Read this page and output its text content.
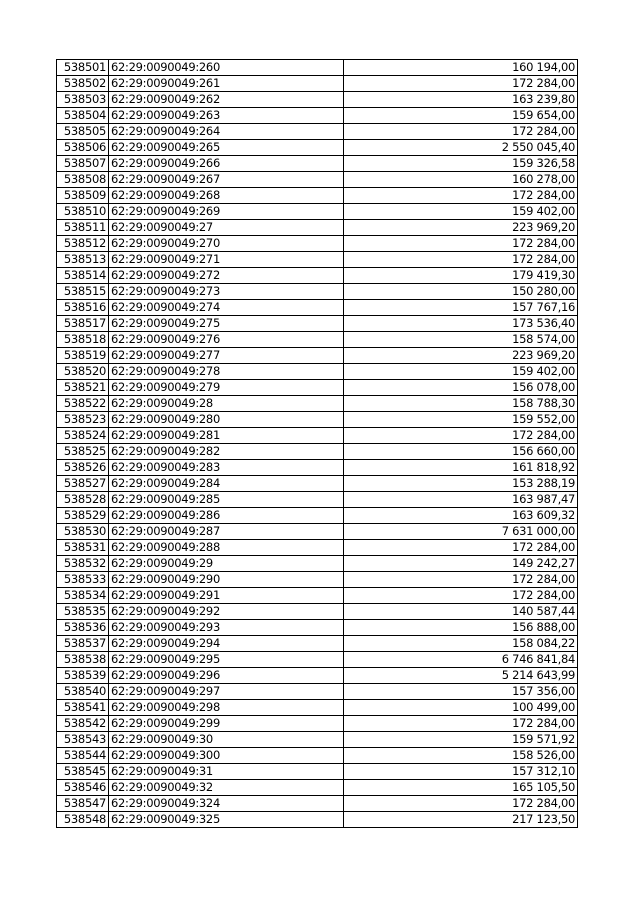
538501	62:29:0090049:260	160 194,00
538502	62:29:0090049:261	172 284,00
538503	62:29:0090049:262	163 239,80
538504	62:29:0090049:263	159 654,00
538505	62:29:0090049:264	172 284,00
538506	62:29:0090049:265	2 550 045,40
538507	62:29:0090049:266	159 326,58
538508	62:29:0090049:267	160 278,00
538509	62:29:0090049:268	172 284,00
538510	62:29:0090049:269	159 402,00
538511	62:29:0090049:27	223 969,20
538512	62:29:0090049:270	172 284,00
538513	62:29:0090049:271	172 284,00
538514	62:29:0090049:272	179 419,30
538515	62:29:0090049:273	150 280,00
538516	62:29:0090049:274	157 767,16
538517	62:29:0090049:275	173 536,40
538518	62:29:0090049:276	158 574,00
538519	62:29:0090049:277	223 969,20
538520	62:29:0090049:278	159 402,00
538521	62:29:0090049:279	156 078,00
538522	62:29:0090049:28	158 788,30
538523	62:29:0090049:280	159 552,00
538524	62:29:0090049:281	172 284,00
538525	62:29:0090049:282	156 660,00
538526	62:29:0090049:283	161 818,92
538527	62:29:0090049:284	153 288,19
538528	62:29:0090049:285	163 987,47
538529	62:29:0090049:286	163 609,32
538530	62:29:0090049:287	7 631 000,00
538531	62:29:0090049:288	172 284,00
538532	62:29:0090049:29	149 242,27
538533	62:29:0090049:290	172 284,00
538534	62:29:0090049:291	172 284,00
538535	62:29:0090049:292	140 587,44
538536	62:29:0090049:293	156 888,00
538537	62:29:0090049:294	158 084,22
538538	62:29:0090049:295	6 746 841,84
538539	62:29:0090049:296	5 214 643,99
538540	62:29:0090049:297	157 356,00
538541	62:29:0090049:298	100 499,00
538542	62:29:0090049:299	172 284,00
538543	62:29:0090049:30	159 571,92
538544	62:29:0090049:300	158 526,00
538545	62:29:0090049:31	157 312,10
538546	62:29:0090049:32	165 105,50
538547	62:29:0090049:324	172 284,00
538548	62:29:0090049:325	217 123,50
